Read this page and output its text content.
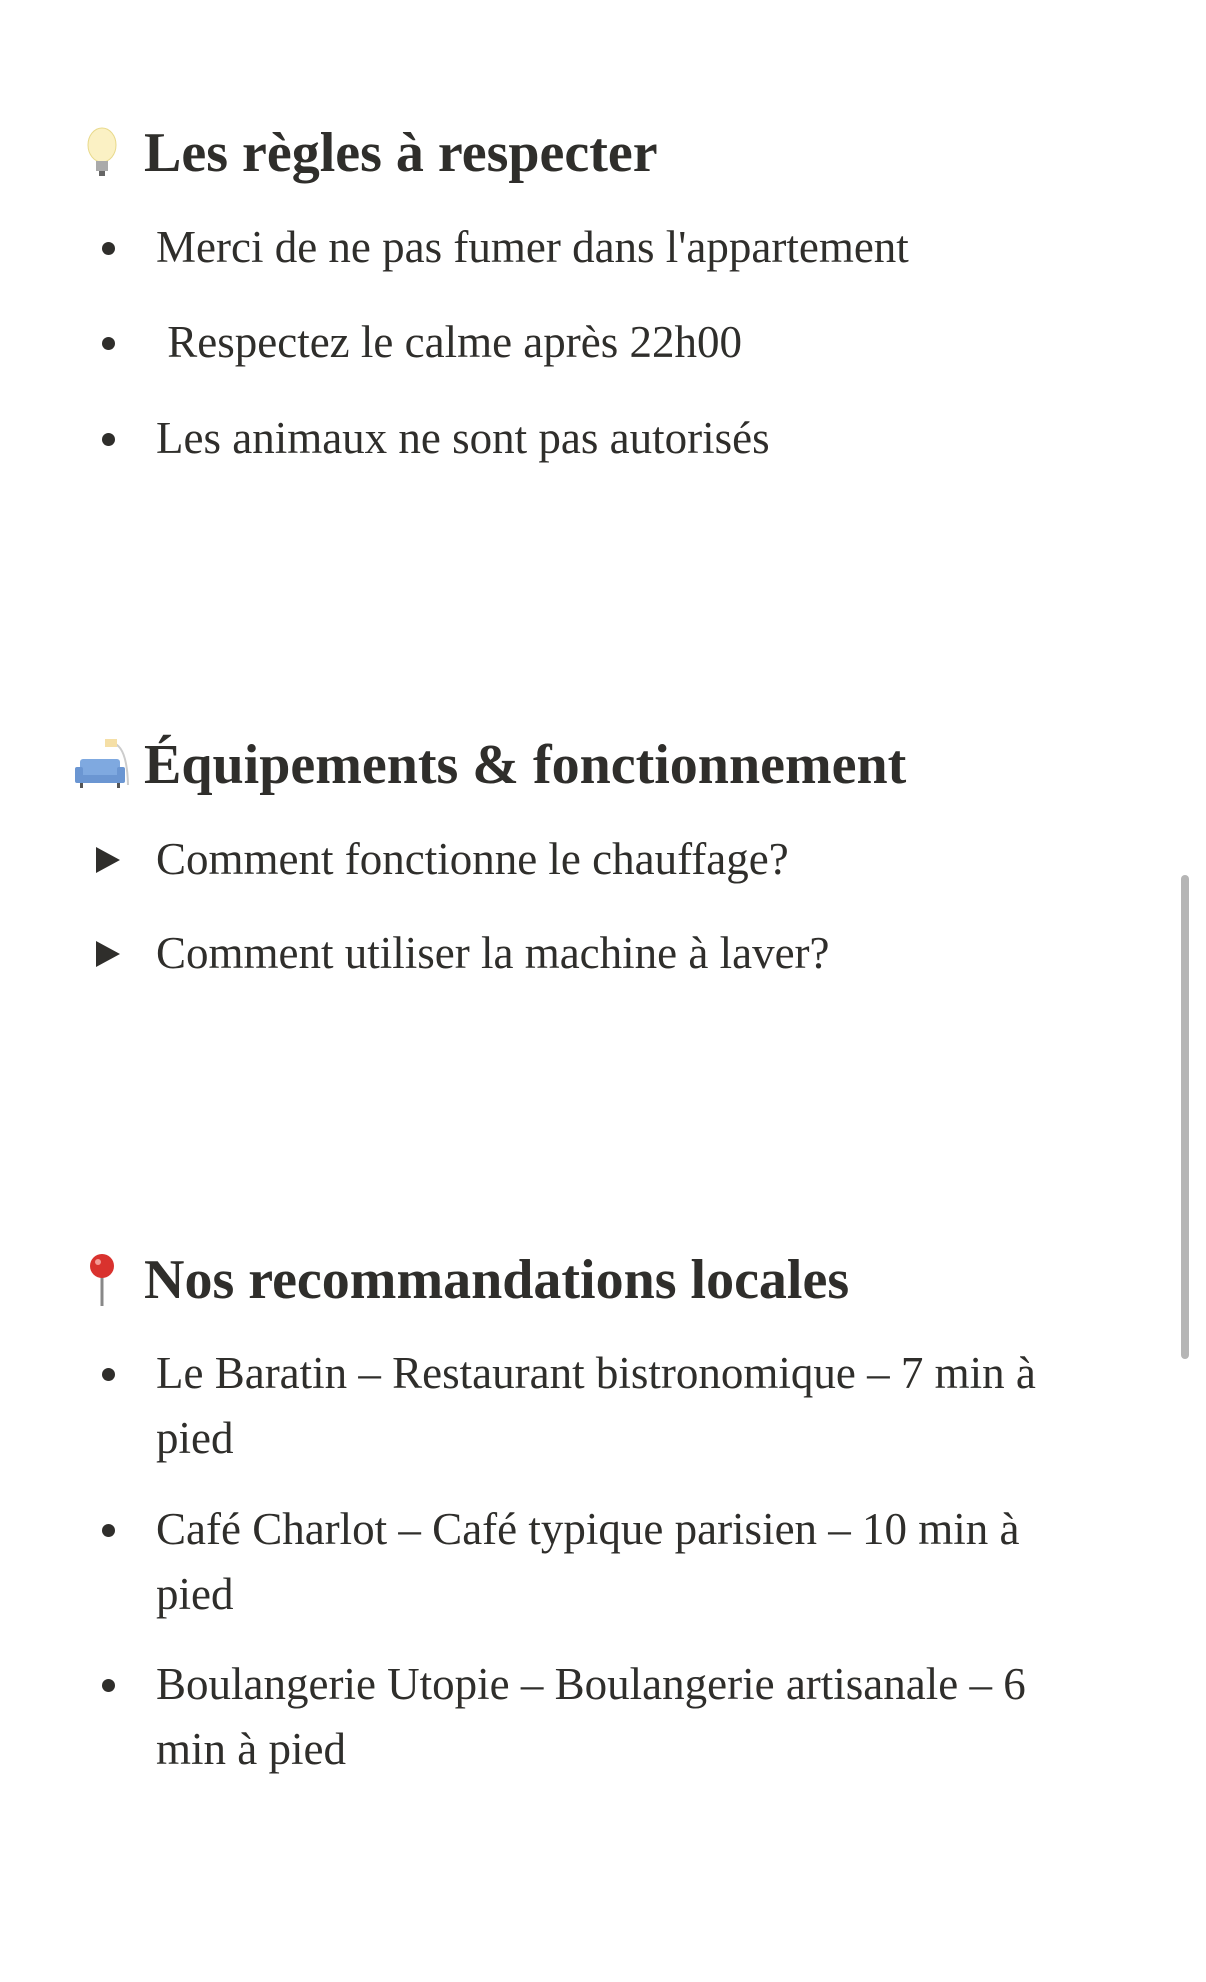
Les règles à respecter
Merci de ne pas fumer dans l'appartement
Respectez le calme après 22h00
Les animaux ne sont pas autorisés
Équipements & fonctionnement
Comment fonctionne le chauffage?
Comment utiliser la machine à laver?
Nos recommandations locales
Le Baratin – Restaurant bistronomique – 7 min à pied
Café Charlot – Café typique parisien – 10 min à pied
Boulangerie Utopie – Boulangerie artisanale – 6 min à pied
